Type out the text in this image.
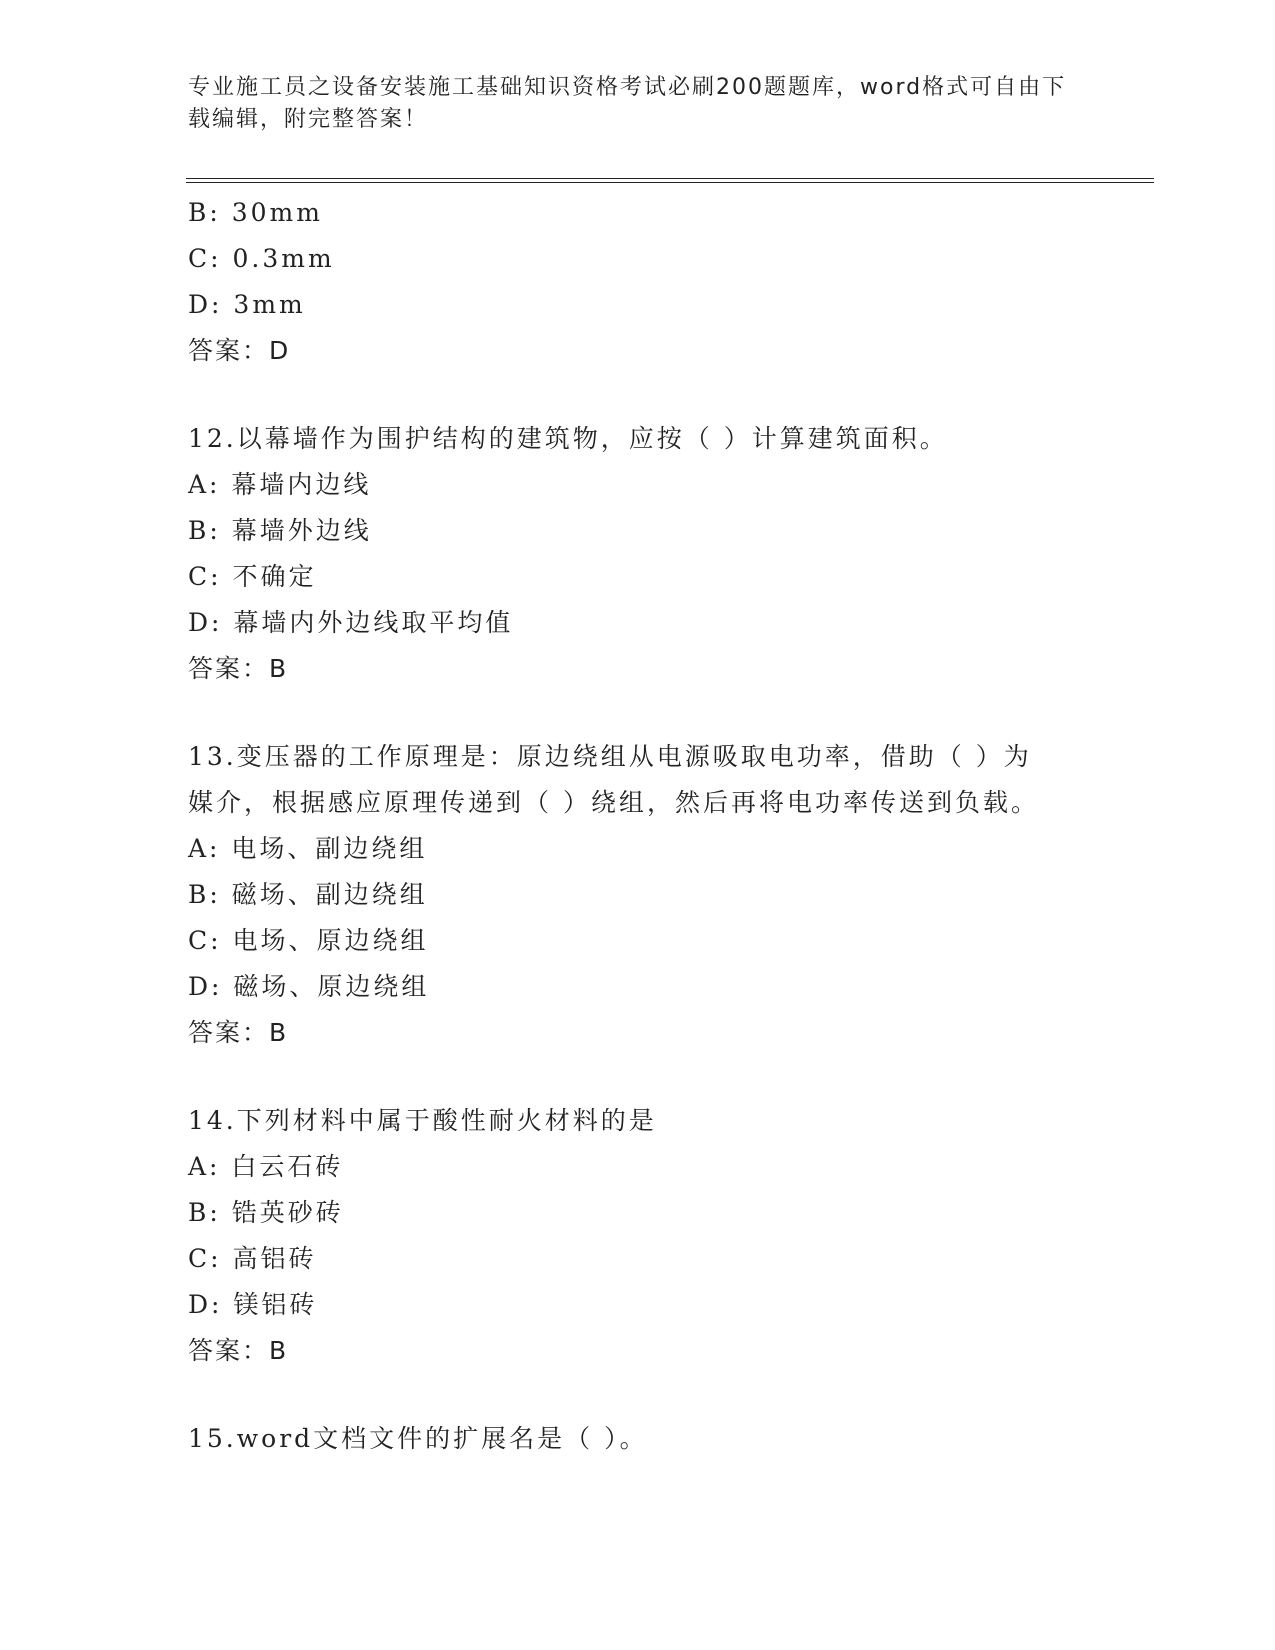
专业施工员之设备安装施工基础知识资格考试必刷200题题库，word格式可自由下载编辑，附完整答案！
B: 30mm
C: 0.3mm
D: 3mm
答案：D
12.以幕墙作为围护结构的建筑物，应按（ ）计算建筑面积。
A: 幕墙内边线
B: 幕墙外边线
C: 不确定
D: 幕墙内外边线取平均值
答案：B
13.变压器的工作原理是：原边绕组从电源吸取电功率，借助（ ）为媒介，根据感应原理传递到（ ）绕组，然后再将电功率传送到负载。
A: 电场、副边绕组
B: 磁场、副边绕组
C: 电场、原边绕组
D: 磁场、原边绕组
答案：B
14.下列材料中属于酸性耐火材料的是
A: 白云石砖
B: 锆英砂砖
C: 高铝砖
D: 镁铝砖
答案：B
15.word文档文件的扩展名是（ ）。
